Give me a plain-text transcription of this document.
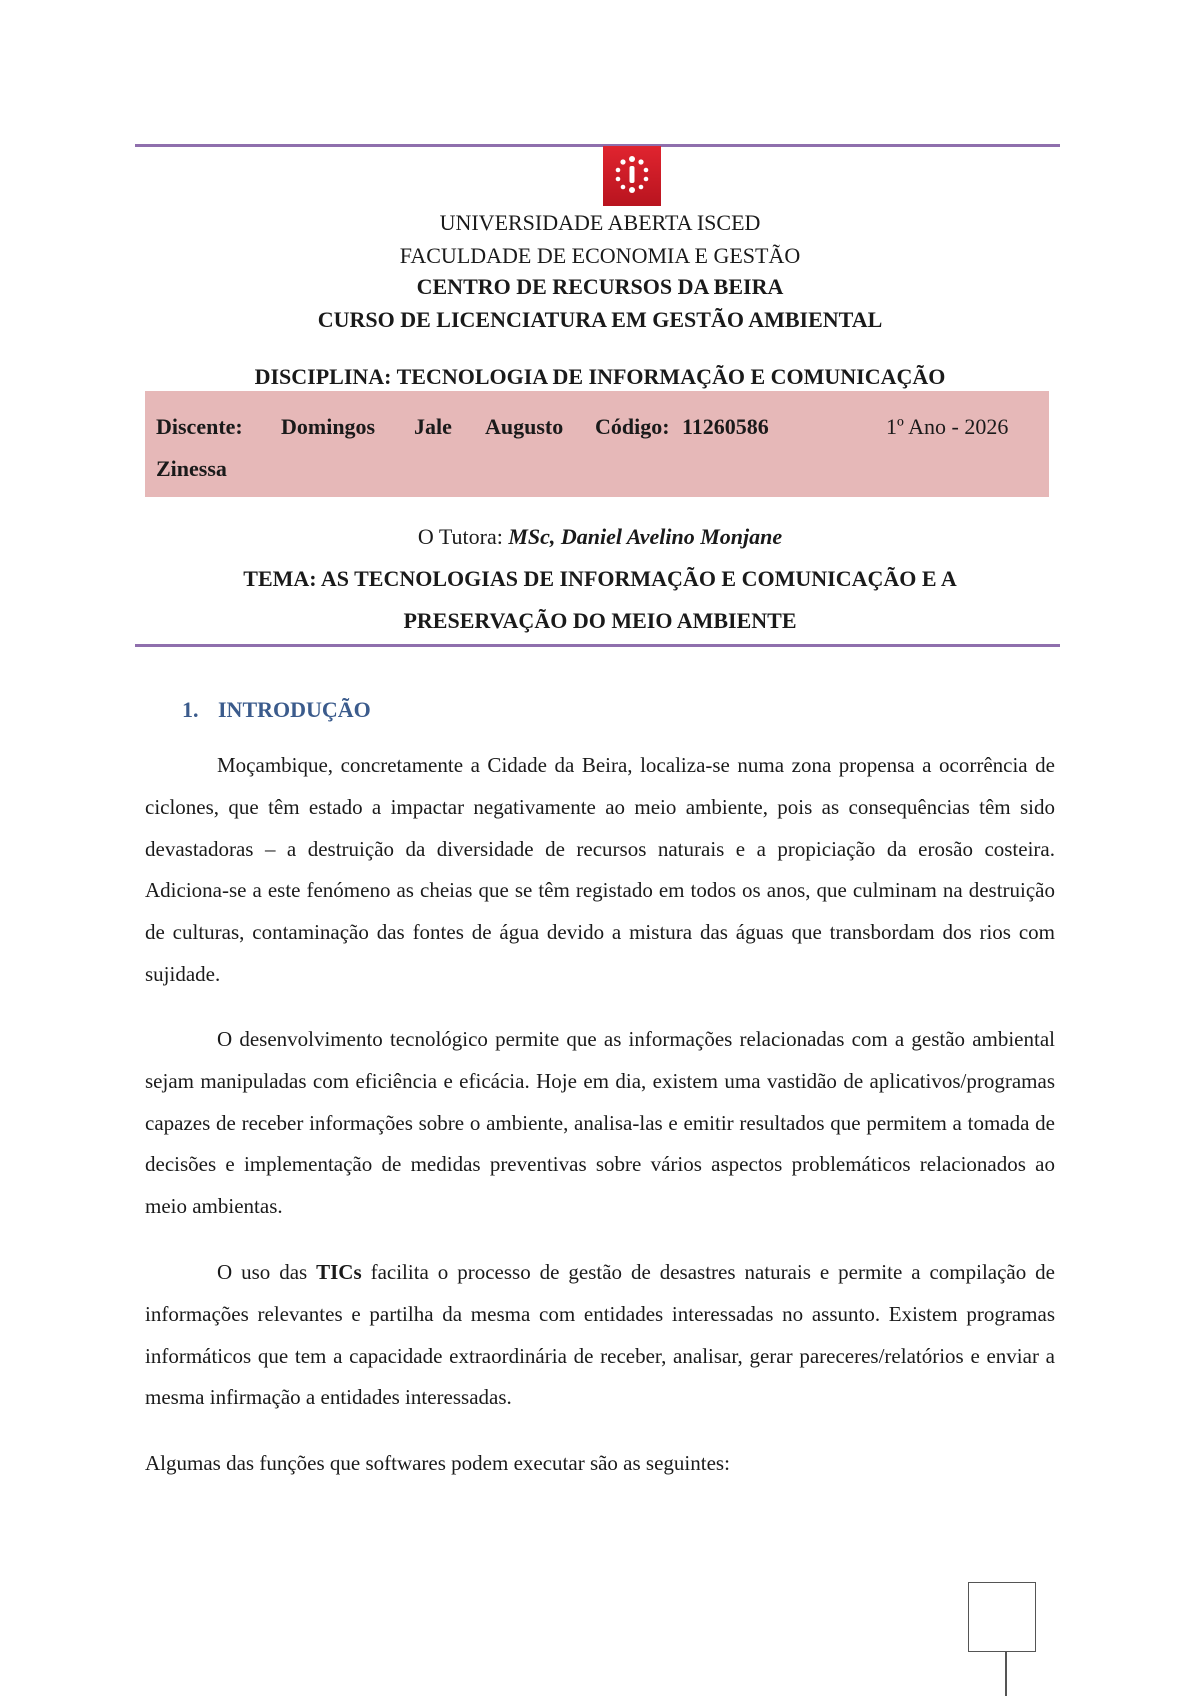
UNIVERSIDADE ABERTA ISCED
FACULDADE DE ECONOMIA E GESTÃO
CENTRO DE RECURSOS DA BEIRA
CURSO DE LICENCIATURA EM GESTÃO AMBIENTAL
DISCIPLINA: TECNOLOGIA DE INFORMAÇÃO E COMUNICAÇÃO
Discente: Domingos Jale Augusto Código: 11260586	1º Ano - 2026
Zinessa
O Tutora: MSc, Daniel Avelino Monjane
TEMA: AS TECNOLOGIAS DE INFORMAÇÃO E COMUNICAÇÃO E A
PRESERVAÇÃO DO MEIO AMBIENTE
1. INTRODUÇÃO

Moçambique, concretamente a Cidade da Beira, localiza-se numa zona propensa a ocorrência de ciclones, que têm estado a impactar negativamente ao meio ambiente, pois as consequências têm sido devastadoras – a destruição da diversidade de recursos naturais e a propiciação da erosão costeira. Adiciona-se a este fenómeno as cheias que se têm registado em todos os anos, que culminam na destruição de culturas, contaminação das fontes de água devido a mistura das águas que transbordam dos rios com sujidade.

O desenvolvimento tecnológico permite que as informações relacionadas com a gestão ambiental sejam manipuladas com eficiência e eficácia. Hoje em dia, existem uma vastidão de aplicativos/programas capazes de receber informações sobre o ambiente, analisa-las e emitir resultados que permitem a tomada de decisões e implementação de medidas preventivas sobre vários aspectos problemáticos relacionados ao meio ambientas.

O uso das TICs facilita o processo de gestão de desastres naturais e permite a compilação de informações relevantes e partilha da mesma com entidades interessadas no assunto. Existem programas informáticos que tem a capacidade extraordinária de receber, analisar, gerar pareceres/relatórios e enviar a mesma infirmação a entidades interessadas.

Algumas das funções que softwares podem executar são as seguintes:
